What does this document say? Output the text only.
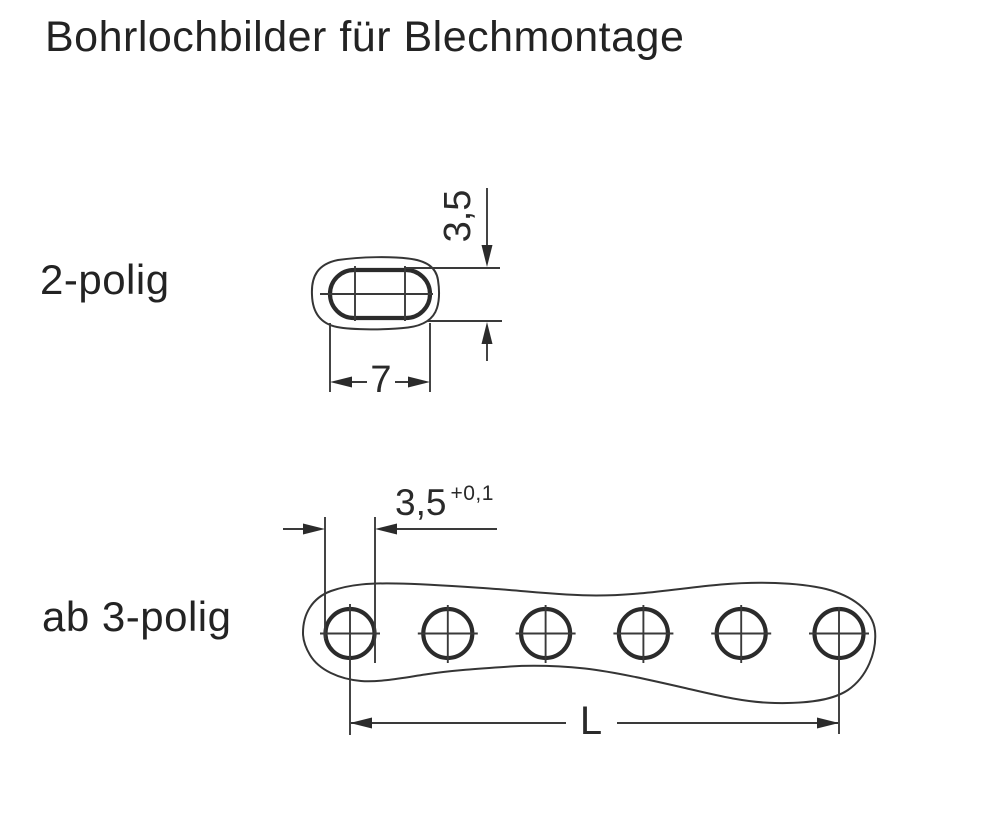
Bohrlochbilder für Blechmontage
2-polig
ab 3-polig
3,5
7
3,5 $^{+0,1}$
L
